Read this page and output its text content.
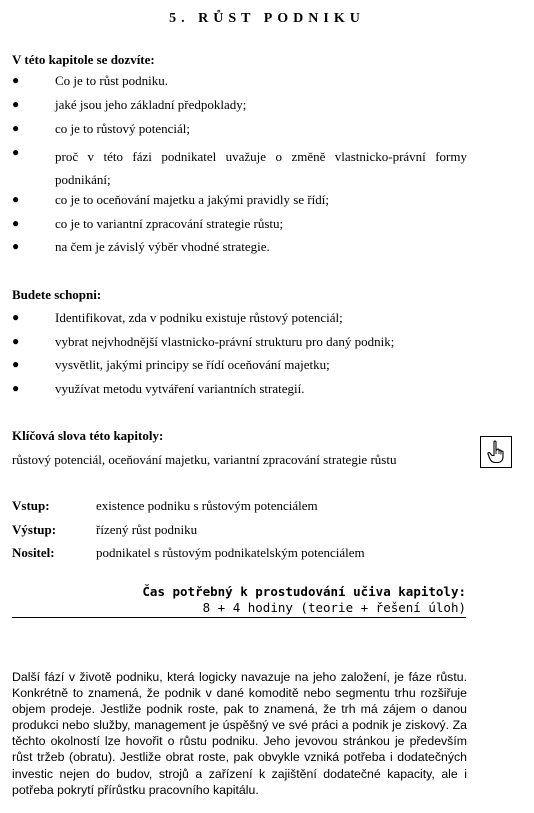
5. RŮST PODNIKU
V této kapitole se dozvíte:
●	Co je to růst podniku.
●	jaké jsou jeho základní předpoklady;
●	co je to růstový potenciál;
●	proč v této fázi podnikatel uvažuje o změně vlastnicko-právní formy podnikání;
●	co je to oceňování majetku a jakými pravidly se řídí;
●	co je to variantní zpracování strategie růstu;
●	na čem je závislý výběr vhodné strategie.
Budete schopni:
●	Identifikovat, zda v podniku existuje růstový potenciál;
●	vybrat nejvhodnější vlastnicko-právní strukturu pro daný podnik;
●	vysvětlit, jakými principy se řídí oceňování majetku;
●	využívat metodu vytváření variantních strategií.
Klíčová slova této kapitoly:
růstový potenciál, oceňování majetku, variantní zpracování strategie růstu
Vstup:	existence podniku s růstovým potenciálem
Výstup:	řízený růst podniku
Nositel:	podnikatel s růstovým podnikatelským potenciálem
Čas potřebný k prostudování učiva kapitoly:
8 + 4 hodiny (teorie + řešení úloh)
Další fází v životě podniku, která logicky navazuje na jeho založení, je fáze růstu. Konkrétně to znamená, že podnik v dané komoditě nebo segmentu trhu rozšiřuje objem prodeje. Jestliže podnik roste, pak to znamená, že trh má zájem o danou produkci nebo služby, management je úspěšný ve své práci a podnik je ziskový. Za těchto okolností lze hovořit o růstu podniku. Jeho jevovou stránkou je především růst tržeb (obratu). Jestliže obrat roste, pak obvykle vzniká potřeba i dodatečných investic nejen do budov, strojů a zařízení k zajištění dodatečné kapacity, ale i potřeba pokrytí přírůstku pracovního kapitálu.
